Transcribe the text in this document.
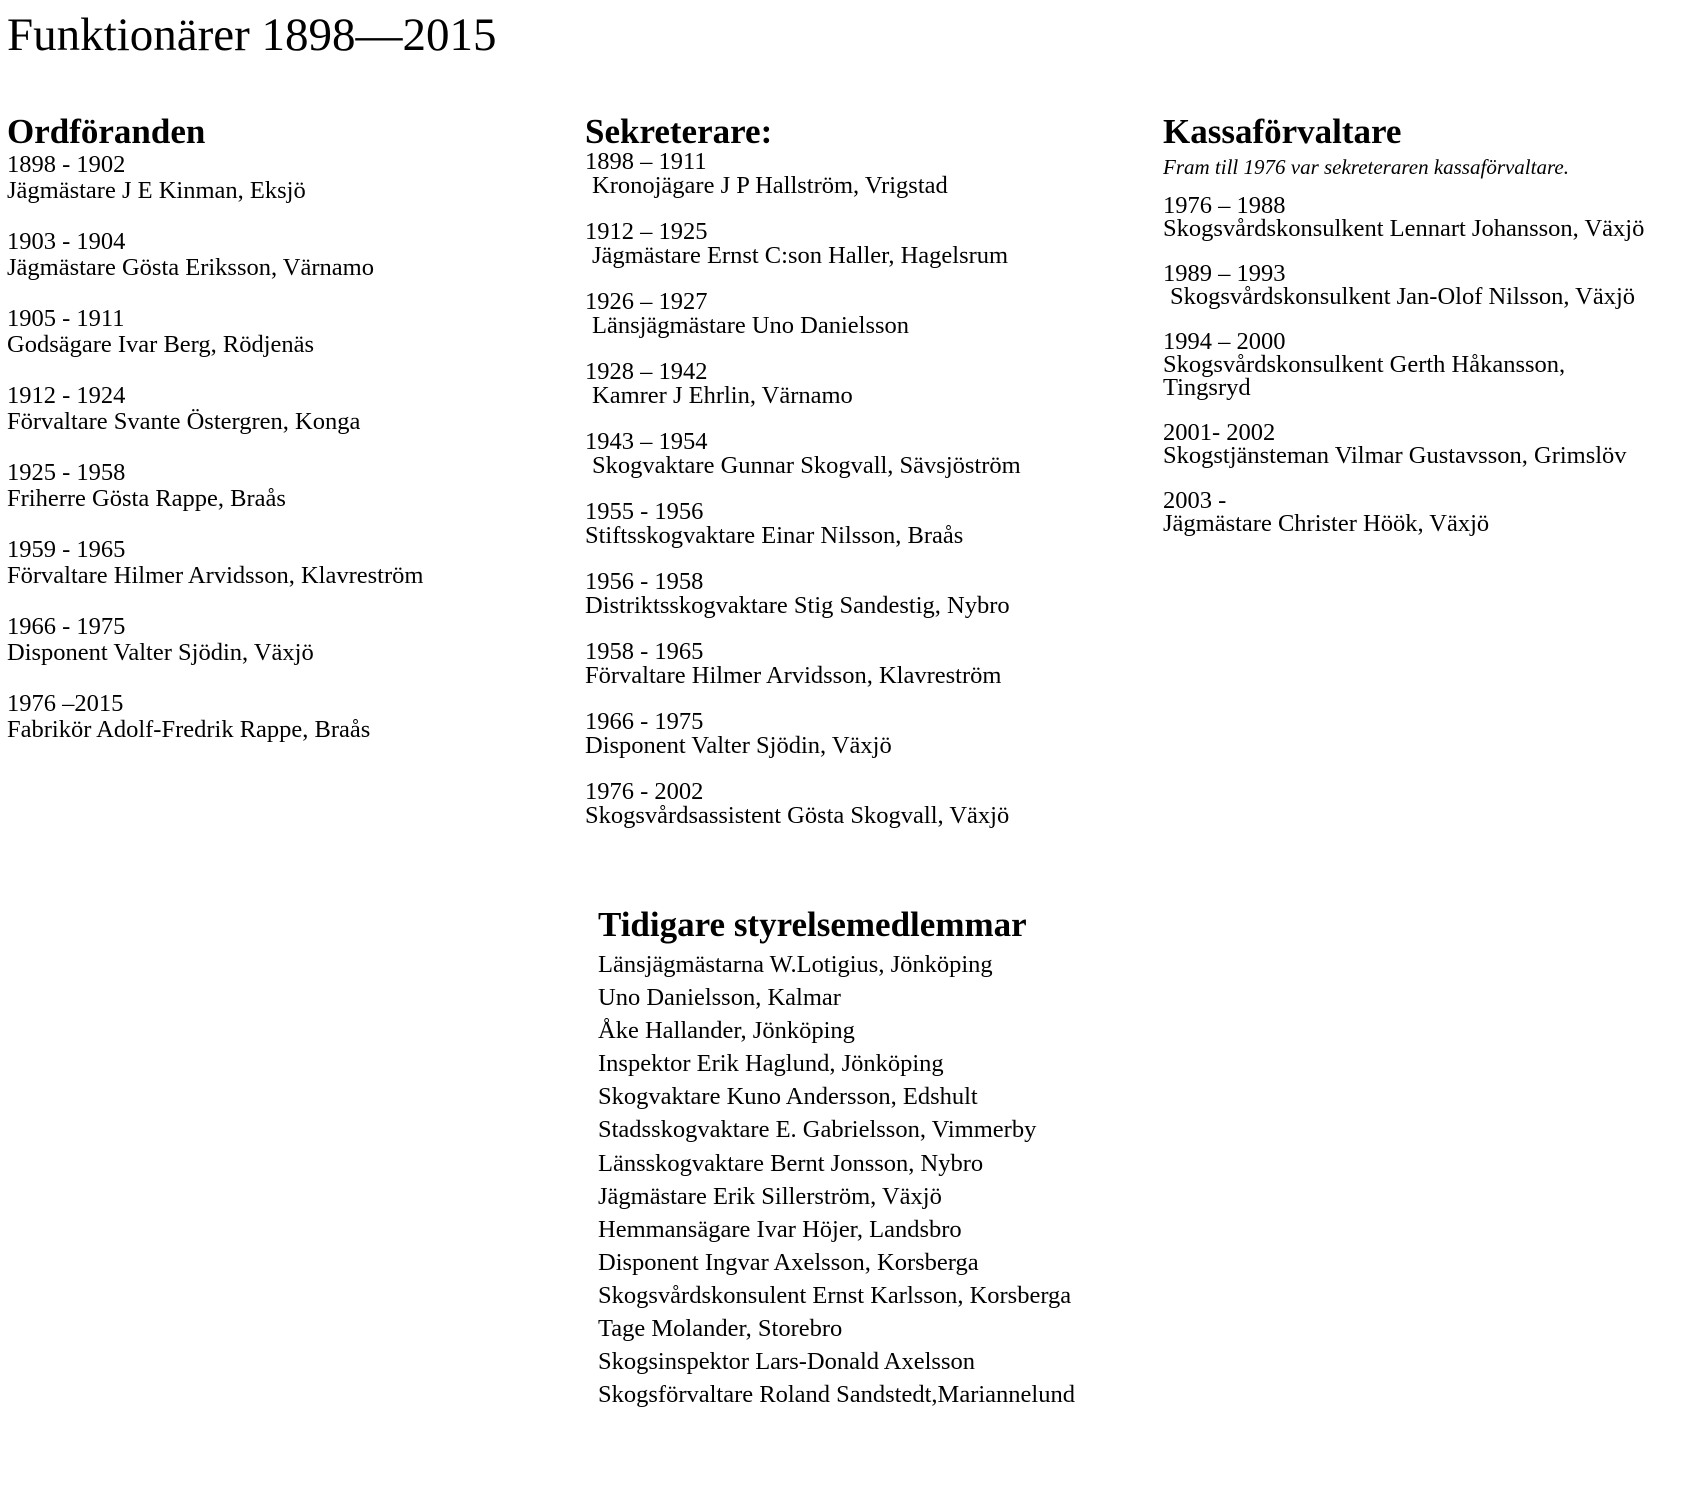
Funktionärer 1898—2015
Ordföranden
1898 - 1902
Jägmästare J E Kinman, Eksjö
1903 - 1904
Jägmästare Gösta Eriksson, Värnamo
1905 - 1911
Godsägare Ivar Berg, Rödjenäs
1912 - 1924
Förvaltare Svante Östergren, Konga
1925 - 1958
Friherre Gösta Rappe, Braås
1959 - 1965
Förvaltare Hilmer Arvidsson, Klavreström
1966 - 1975
Disponent Valter Sjödin, Växjö
1976 –2015
Fabrikör Adolf-Fredrik Rappe, Braås
Sekreterare:
1898 – 1911
Kronojägare J P Hallström, Vrigstad
1912 – 1925
Jägmästare Ernst C:son Haller, Hagelsrum
1926 – 1927
Länsjägmästare Uno Danielsson
1928 – 1942
Kamrer J Ehrlin, Värnamo
1943 – 1954
Skogvaktare Gunnar Skogvall, Sävsjöström
1955 - 1956
Stiftsskogvaktare Einar Nilsson, Braås
1956 - 1958
Distriktsskogvaktare Stig Sandestig, Nybro
1958 - 1965
Förvaltare Hilmer Arvidsson, Klavreström
1966 - 1975
Disponent Valter Sjödin, Växjö
1976 - 2002
Skogsvårdsassistent Gösta Skogvall, Växjö
Kassaförvaltare
Fram till 1976 var sekreteraren kassaförvaltare.
1976 – 1988
Skogsvårdskonsulkent Lennart Johansson, Växjö
1989 – 1993
Skogsvårdskonsulkent Jan-Olof Nilsson, Växjö
1994 – 2000
Skogsvårdskonsulkent Gerth Håkansson, Tingsryd
2001- 2002
Skogstjänsteman Vilmar Gustavsson, Grimslöv
2003 -
Jägmästare Christer Höök, Växjö
Tidigare styrelsemedlemmar
Länsjägmästarna W.Lotigius, Jönköping
Uno Danielsson, Kalmar
Åke Hallander, Jönköping
Inspektor Erik Haglund, Jönköping
Skogvaktare Kuno Andersson, Edshult
Stadsskogvaktare E. Gabrielsson, Vimmerby
Länsskogvaktare Bernt Jonsson, Nybro
Jägmästare Erik Sillerström, Växjö
Hemmansägare Ivar Höjer, Landsbro
Disponent Ingvar Axelsson, Korsberga
Skogsvårdskonsulent Ernst Karlsson, Korsberga
Tage Molander, Storebro
Skogsinspektor Lars-Donald Axelsson
Skogsförvaltare Roland Sandstedt,Mariannelund
